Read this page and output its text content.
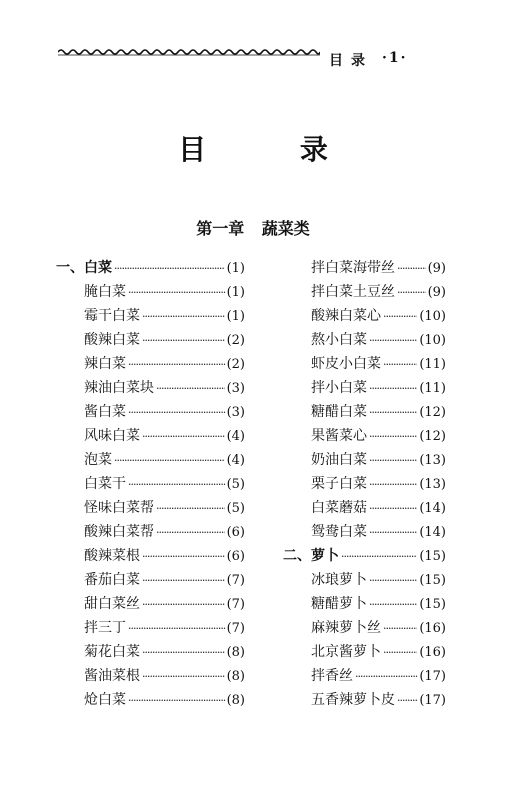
目录 ·1·
目 录
第一章 蔬菜类
一、白菜 ·····	(1)
腌白菜 ·····	(1)
霉干白菜 ·····	(1)
酸辣白菜 ·····	(2)
辣白菜 ·····	(2)
辣油白菜块 ·····	(3)
酱白菜 ·····	(3)
风味白菜 ·····	(4)
泡菜 ·····	(4)
白菜干 ·····	(5)
怪味白菜帮 ·····	(5)
酸辣白菜帮 ·····	(6)
酸辣菜根 ·····	(6)
番茄白菜 ·····	(7)
甜白菜丝 ·····	(7)
拌三丁 ·····	(7)
菊花白菜 ·····	(8)
酱油菜根 ·····	(8)
炝白菜 ·····	(8)
拌白菜海带丝 ·····	(9)
拌白菜土豆丝 ·····	(9)
酸辣白菜心 ·····	(10)
熬小白菜 ·····	(10)
虾皮小白菜 ·····	(11)
拌小白菜 ·····	(11)
糖醋白菜 ·····	(12)
果酱菜心 ·····	(12)
奶油白菜 ·····	(13)
栗子白菜 ·····	(13)
白菜蘑菇 ·····	(14)
鸳鸯白菜 ·····	(14)
二、萝卜 ·····	(15)
冰琅萝卜 ·····	(15)
糖醋萝卜 ·····	(15)
麻辣萝卜丝 ·····	(16)
北京酱萝卜 ·····	(16)
拌香丝 ·····	(17)
五香辣萝卜皮 ····· (17)
